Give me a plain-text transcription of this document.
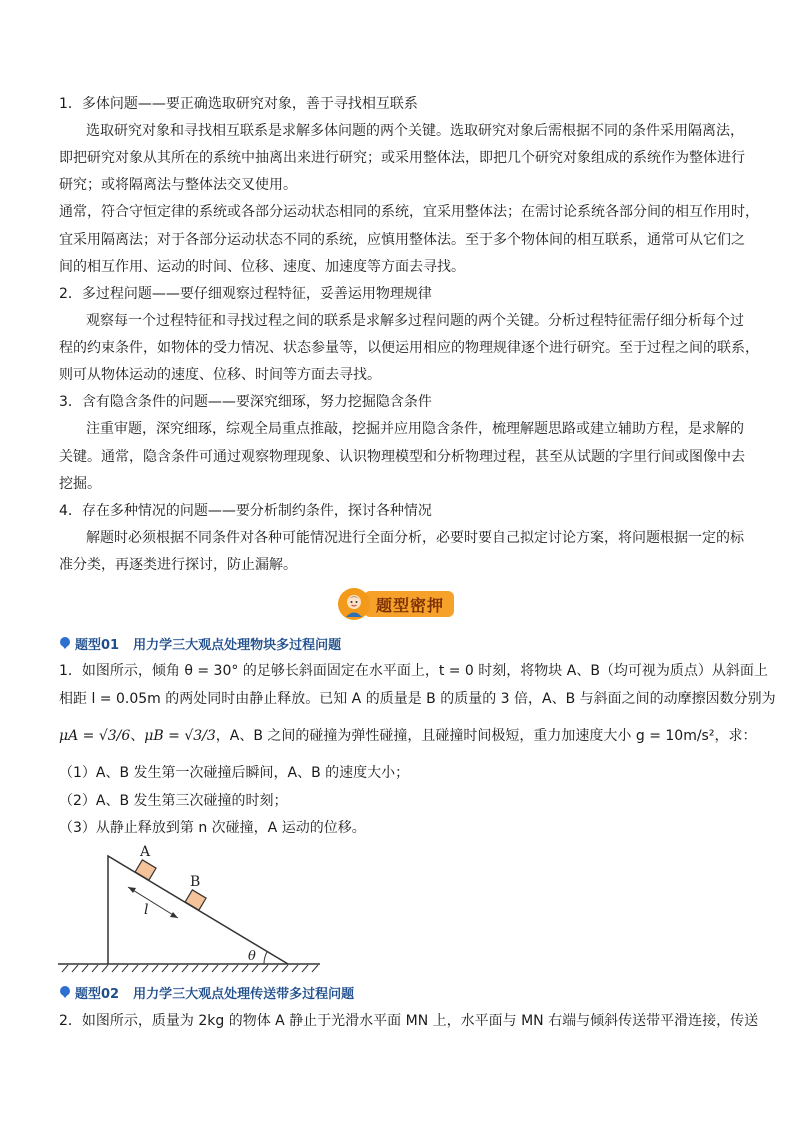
1．多体问题——要正确选取研究对象，善于寻找相互联系
选取研究对象和寻找相互联系是求解多体问题的两个关键。选取研究对象后需根据不同的条件采用隔离法，
即把研究对象从其所在的系统中抽离出来进行研究；或采用整体法，即把几个研究对象组成的系统作为整体进行
研究；或将隔离法与整体法交叉使用。
通常，符合守恒定律的系统或各部分运动状态相同的系统，宜采用整体法；在需讨论系统各部分间的相互作用时，
宜采用隔离法；对于各部分运动状态不同的系统，应慎用整体法。至于多个物体间的相互联系，通常可从它们之
间的相互作用、运动的时间、位移、速度、加速度等方面去寻找。
2．多过程问题——要仔细观察过程特征，妥善运用物理规律
观察每一个过程特征和寻找过程之间的联系是求解多过程问题的两个关键。分析过程特征需仔细分析每个过
程的约束条件，如物体的受力情况、状态参量等，以便运用相应的物理规律逐个进行研究。至于过程之间的联系，
则可从物体运动的速度、位移、时间等方面去寻找。
3．含有隐含条件的问题——要深究细琢，努力挖掘隐含条件
注重审题，深究细琢，综观全局重点推敲，挖掘并应用隐含条件，梳理解题思路或建立辅助方程，是求解的
关键。通常，隐含条件可通过观察物理现象、认识物理模型和分析物理过程，甚至从试题的字里行间或图像中去
挖掘。
4．存在多种情况的问题——要分析制约条件，探讨各种情况
解题时必须根据不同条件对各种可能情况进行全面分析，必要时要自己拟定讨论方案，将问题根据一定的标
准分类，再逐类进行探讨，防止漏解。
题型密押
题型01 用力学三大观点处理物块多过程问题
1．如图所示，倾角 θ = 30° 的足够长斜面固定在水平面上，t = 0 时刻，将物块 A、B（均可视为质点）从斜面上
相距 l = 0.05m 的两处同时由静止释放。已知 A 的质量是 B 的质量的 3 倍，A、B 与斜面之间的动摩擦因数分别为
μA = √3/6、μB = √3/3，A、B 之间的碰撞为弹性碰撞，且碰撞时间极短，重力加速度大小 g = 10m/s²，求：
（1）A、B 发生第一次碰撞后瞬间，A、B 的速度大小；
（2）A、B 发生第三次碰撞的时刻；
（3）从静止释放到第 n 次碰撞，A 运动的位移。
A
B
l
θ
题型02 用力学三大观点处理传送带多过程问题
2．如图所示，质量为 2kg 的物体 A 静止于光滑水平面 MN 上，水平面与 MN 右端与倾斜传送带平滑连接，传送
